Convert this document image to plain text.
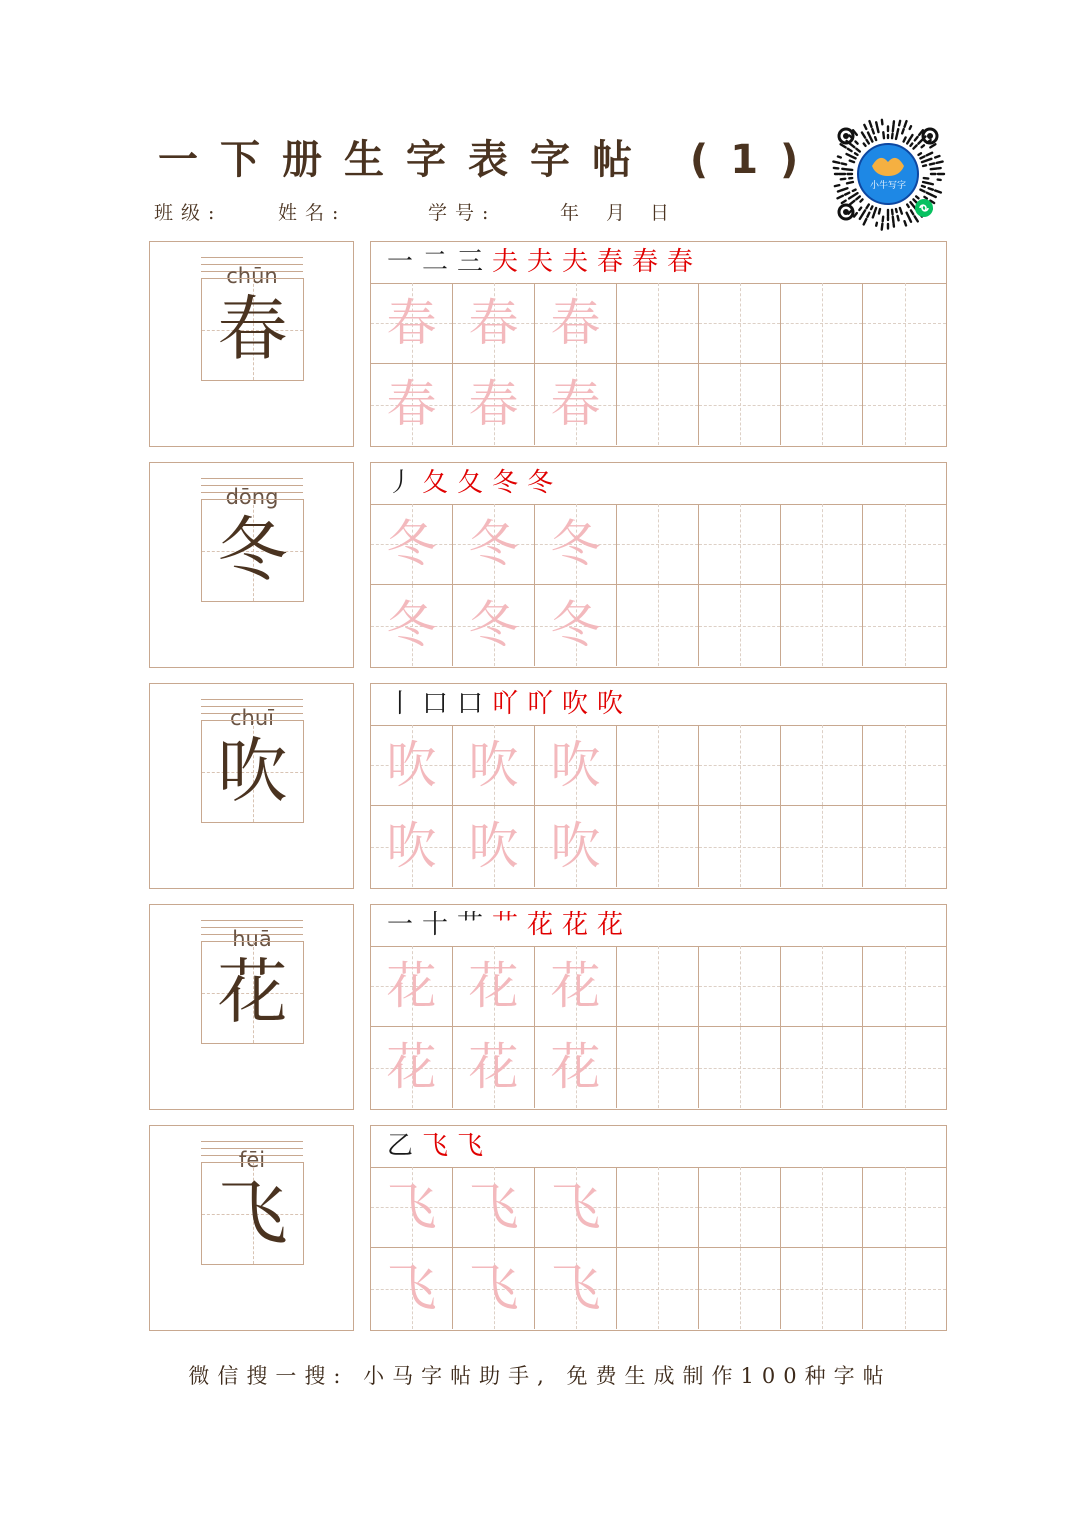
一下册生字表字帖 (1)
班级:	姓名:	学号:	年 月 日
小牛写字
chūn
春
一 二 三 夫 夫 夫 春 春 春
春 春 春
春 春 春
dōng
冬
丿 夂 夂 冬 冬
冬 冬 冬
冬 冬 冬
chuī
吹
丨 口 口 吖 吖 吹 吹
吹 吹 吹
吹 吹 吹
huā
花
一 十 艹 艹 花 花 花
花 花 花
花 花 花
fēi
飞
乙 飞 飞
飞 飞 飞
飞 飞 飞
微信搜一搜: 小马字帖助手, 免费生成制作100种字帖
